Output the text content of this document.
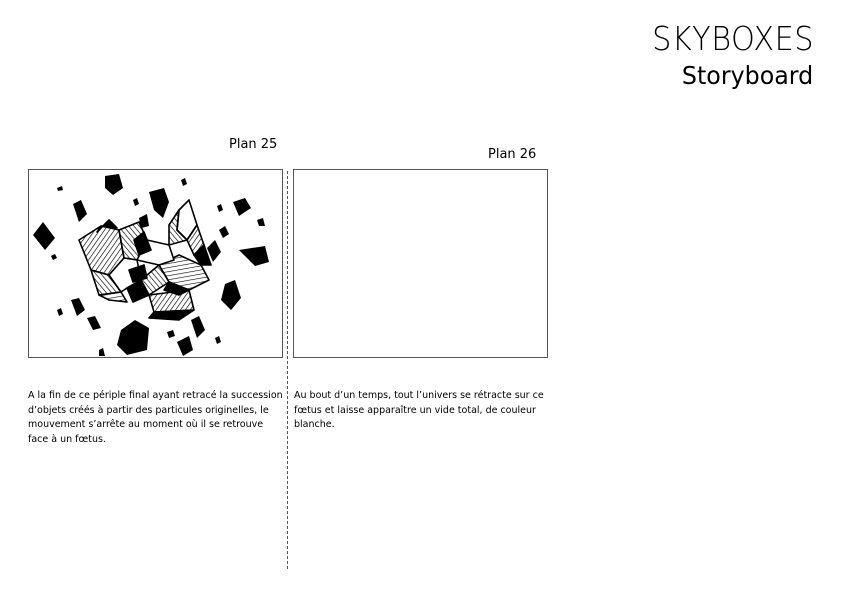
SKYBOXES
Storyboard
Plan 25
Plan 26
A la fin de ce périple final ayant retracé la succession d’objets créés à partir des particules originelles, le mouvement s’arrête au moment où il se retrouve face à un fœtus.
Au bout d’un temps, tout l’univers se rétracte sur ce fœtus et laisse apparaître un vide total, de couleur blanche.
